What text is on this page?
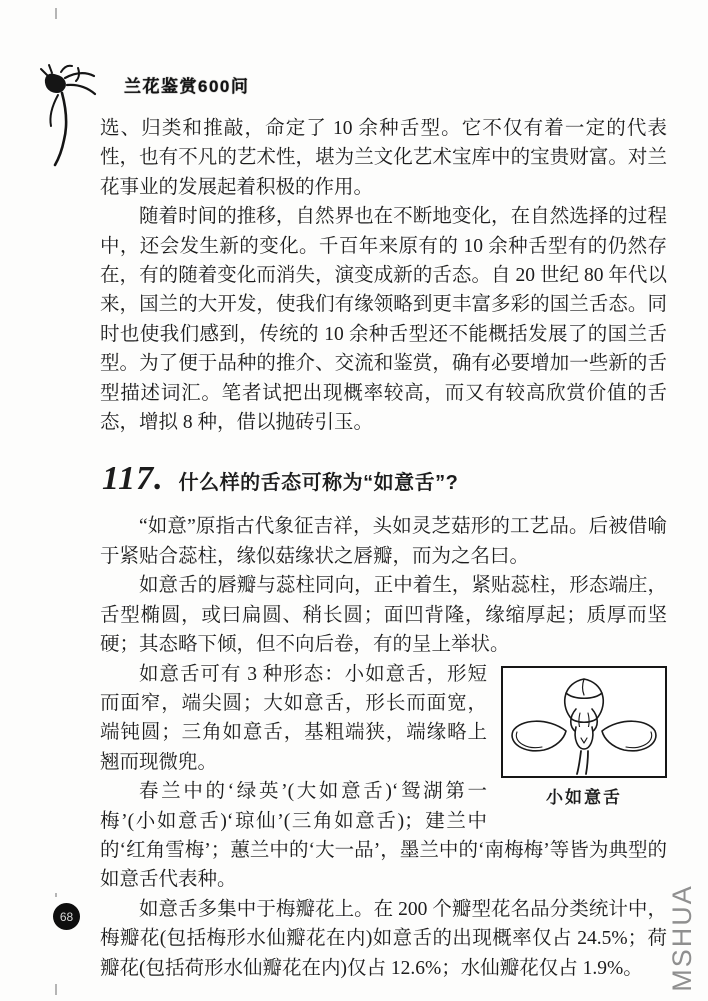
兰花鉴赏600问

选、归类和推敲，命定了 10 余种舌型。它不仅有着一定的代表性，也有不凡的艺术性，堪为兰文化艺术宝库中的宝贵财富。对兰花事业的发展起着积极的作用。

随着时间的推移，自然界也在不断地变化，在自然选择的过程中，还会发生新的变化。千百年来原有的 10 余种舌型有的仍然存在，有的随着变化而消失，演变成新的舌态。自 20 世纪 80 年代以来，国兰的大开发，使我们有缘领略到更丰富多彩的国兰舌态。同时也使我们感到，传统的 10 余种舌型还不能概括发展了的国兰舌型。为了便于品种的推介、交流和鉴赏，确有必要增加一些新的舌型描述词汇。笔者试把出现概率较高，而又有较高欣赏价值的舌态，增拟 8 种，借以抛砖引玉。

117. 什么样的舌态可称为“如意舌”?

“如意”原指古代象征吉祥，头如灵芝菇形的工艺品。后被借喻于紧贴合蕊柱，缘似菇缘状之唇瓣，而为之名曰。

如意舌的唇瓣与蕊柱同向，正中着生，紧贴蕊柱，形态端庄，舌型椭圆，或曰扁圆、稍长圆；面凹背隆，缘缩厚起；质厚而坚硬；其态略下倾，但不向后卷，有的呈上举状。

小如意舌

如意舌可有 3 种形态：小如意舌，形短而面窄，端尖圆；大如意舌，形长而面宽，端钝圆；三角如意舌，基粗端狭，端缘略上翘而现微兜。

春兰中的‘绿英’(大如意舌)‘鸳湖第一梅’(小如意舌)‘琼仙’(三角如意舌)；建兰中的‘红角雪梅’；蕙兰中的‘大一品’，墨兰中的‘南梅梅’等皆为典型的如意舌代表种。

如意舌多集中于梅瓣花上。在 200 个瓣型花名品分类统计中，梅瓣花(包括梅形水仙瓣花在内)如意舌的出现概率仅占 24.5%；荷瓣花(包括荷形水仙瓣花在内)仅占 12.6%；水仙瓣花仅占 1.9%。

68	MSHUA
